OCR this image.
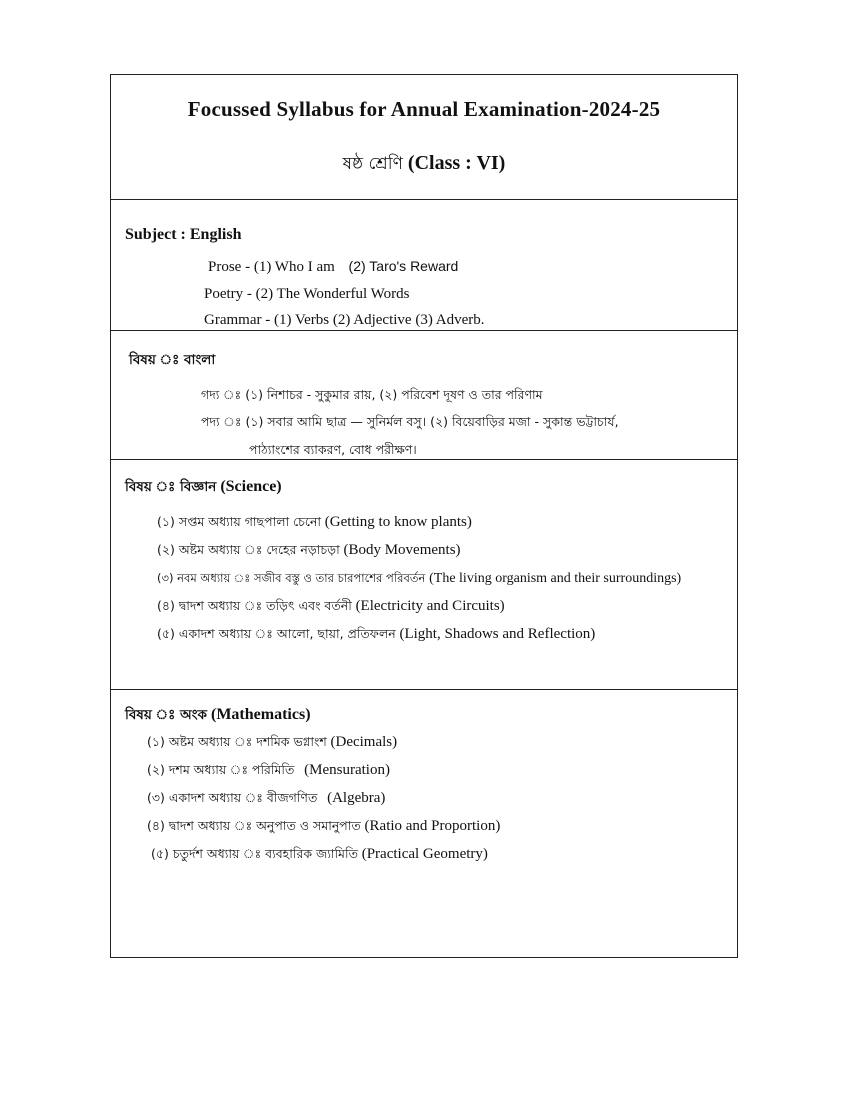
Focussed Syllabus for Annual Examination-2024-25
ষষ্ঠ শ্রেণি (Class : VI)
Subject : English
Prose - (1) Who I am (2) Taro's Reward
Poetry - (2) The Wonderful Words
Grammar - (1) Verbs (2) Adjective (3) Adverb.
বিষয় ঃ বাংলা
গদ্য ঃ (১) নিশাচর - সুকুমার রায়, (২) পরিবেশ দূষণ ও তার পরিণাম
পদ্য ঃ (১) সবার আমি ছাত্র — সুনির্মল বসু। (২) বিয়েবাড়ির মজা - সুকান্ত ভট্টাচার্য,
পাঠ্যাংশের ব্যাকরণ, বোধ পরীক্ষণ।
বিষয় ঃ বিজ্ঞান (Science)
(১) সপ্তম অধ্যায় গাছপালা চেনো (Getting to know plants)
(২) অষ্টম অধ্যায় ঃ দেহের নড়াচড়া (Body Movements)
(৩) নবম অধ্যায় ঃ সজীব বস্তু ও তার চারপাশের পরিবর্তন (The living organism and their surroundings)
(৪) দ্বাদশ অধ্যায় ঃ তড়িৎ এবং বর্তনী (Electricity and Circuits)
(৫) একাদশ অধ্যায় ঃ আলো, ছায়া, প্রতিফলন (Light, Shadows and Reflection)
বিষয় ঃ অংক (Mathematics)
(১) অষ্টম অধ্যায় ঃ দশমিক ভগ্নাংশ (Decimals)
(২) দশম অধ্যায় ঃ পরিমিতি (Mensuration)
(৩) একাদশ অধ্যায় ঃ বীজগণিত (Algebra)
(৪) দ্বাদশ অধ্যায় ঃ অনুপাত ও সমানুপাত (Ratio and Proportion)
(৫) চতুর্দশ অধ্যায় ঃ ব্যবহারিক জ্যামিতি (Practical Geometry)
